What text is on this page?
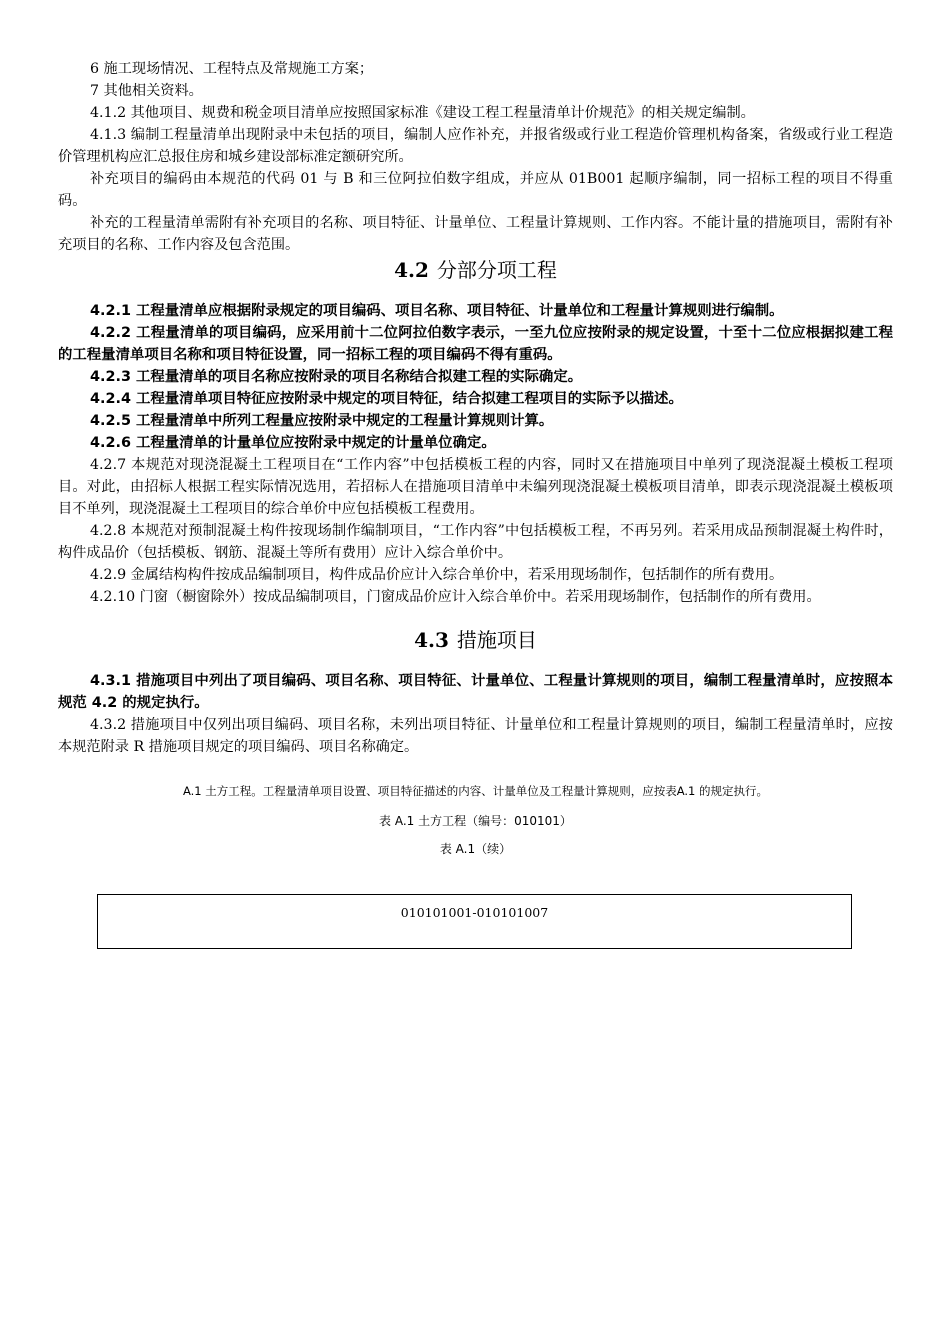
6 施工现场情况、工程特点及常规施工方案；

7 其他相关资料。

4.1.2 其他项目、规费和税金项目清单应按照国家标准《建设工程工程量清单计价规范》的相关规定编制。

4.1.3 编制工程量清单出现附录中未包括的项目，编制人应作补充，并报省级或行业工程造价管理机构备案，省级或行业工程造价管理机构应汇总报住房和城乡建设部标准定额研究所。

补充项目的编码由本规范的代码 01 与 B 和三位阿拉伯数字组成，并应从 01B001 起顺序编制，同一招标工程的项目不得重码。

补充的工程量清单需附有补充项目的名称、项目特征、计量单位、工程量计算规则、工作内容。不能计量的措施项目，需附有补充项目的名称、工作内容及包含范围。

4.2 分部分项工程

4.2.1 工程量清单应根据附录规定的项目编码、项目名称、项目特征、计量单位和工程量计算规则进行编制。

4.2.2 工程量清单的项目编码，应采用前十二位阿拉伯数字表示，一至九位应按附录的规定设置，十至十二位应根据拟建工程的工程量清单项目名称和项目特征设置，同一招标工程的项目编码不得有重码。

4.2.3 工程量清单的项目名称应按附录的项目名称结合拟建工程的实际确定。

4.2.4 工程量清单项目特征应按附录中规定的项目特征，结合拟建工程项目的实际予以描述。

4.2.5 工程量清单中所列工程量应按附录中规定的工程量计算规则计算。

4.2.6 工程量清单的计量单位应按附录中规定的计量单位确定。

4.2.7 本规范对现浇混凝土工程项目在“工作内容”中包括模板工程的内容，同时又在措施项目中单列了现浇混凝土模板工程项目。对此，由招标人根据工程实际情况选用，若招标人在措施项目清单中未编列现浇混凝土模板项目清单，即表示现浇混凝土模板项目不单列，现浇混凝土工程项目的综合单价中应包括模板工程费用。

4.2.8 本规范对预制混凝土构件按现场制作编制项目，“工作内容”中包括模板工程，不再另列。若采用成品预制混凝土构件时，构件成品价（包括模板、钢筋、混凝土等所有费用）应计入综合单价中。

4.2.9 金属结构构件按成品编制项目，构件成品价应计入综合单价中，若采用现场制作，包括制作的所有费用。

4.2.10 门窗（橱窗除外）按成品编制项目，门窗成品价应计入综合单价中。若采用现场制作，包括制作的所有费用。

4.3 措施项目

4.3.1 措施项目中列出了项目编码、项目名称、项目特征、计量单位、工程量计算规则的项目，编制工程量清单时，应按照本规范 4.2 的规定执行。

4.3.2 措施项目中仅列出项目编码、项目名称，未列出项目特征、计量单位和工程量计算规则的项目，编制工程量清单时，应按本规范附录 R 措施项目规定的项目编码、项目名称确定。

A.1 土方工程。工程量清单项目设置、项目特征描述的内容、计量单位及工程量计算规则，应按表A.1 的规定执行。

表 A.1 土方工程（编号：010101）

表 A.1（续）

010101001-010101007
